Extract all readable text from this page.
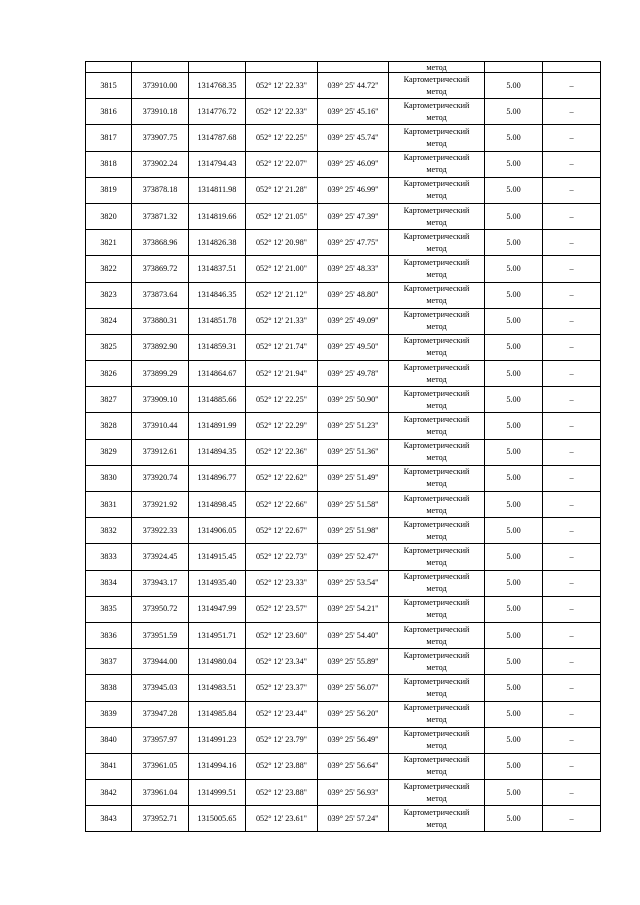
					метод		
3815	373910.00	1314768.35	052° 12' 22.33"	039° 25' 44.72"	Картометрический
метод	5.00	–
3816	373910.18	1314776.72	052° 12' 22.33"	039° 25' 45.16"	Картометрический
метод	5.00	–
3817	373907.75	1314787.68	052° 12' 22.25"	039° 25' 45.74"	Картометрический
метод	5.00	–
3818	373902.24	1314794.43	052° 12' 22.07"	039° 25' 46.09"	Картометрический
метод	5.00	–
3819	373878.18	1314811.98	052° 12' 21.28"	039° 25' 46.99"	Картометрический
метод	5.00	–
3820	373871.32	1314819.66	052° 12' 21.05"	039° 25' 47.39"	Картометрический
метод	5.00	–
3821	373868.96	1314826.38	052° 12' 20.98"	039° 25' 47.75"	Картометрический
метод	5.00	–
3822	373869.72	1314837.51	052° 12' 21.00"	039° 25' 48.33"	Картометрический
метод	5.00	–
3823	373873.64	1314846.35	052° 12' 21.12"	039° 25' 48.80"	Картометрический
метод	5.00	–
3824	373880.31	1314851.78	052° 12' 21.33"	039° 25' 49.09"	Картометрический
метод	5.00	–
3825	373892.90	1314859.31	052° 12' 21.74"	039° 25' 49.50"	Картометрический
метод	5.00	–
3826	373899.29	1314864.67	052° 12' 21.94"	039° 25' 49.78"	Картометрический
метод	5.00	–
3827	373909.10	1314885.66	052° 12' 22.25"	039° 25' 50.90"	Картометрический
метод	5.00	–
3828	373910.44	1314891.99	052° 12' 22.29"	039° 25' 51.23"	Картометрический
метод	5.00	–
3829	373912.61	1314894.35	052° 12' 22.36"	039° 25' 51.36"	Картометрический
метод	5.00	–
3830	373920.74	1314896.77	052° 12' 22.62"	039° 25' 51.49"	Картометрический
метод	5.00	–
3831	373921.92	1314898.45	052° 12' 22.66"	039° 25' 51.58"	Картометрический
метод	5.00	–
3832	373922.33	1314906.05	052° 12' 22.67"	039° 25' 51.98"	Картометрический
метод	5.00	–
3833	373924.45	1314915.45	052° 12' 22.73"	039° 25' 52.47"	Картометрический
метод	5.00	–
3834	373943.17	1314935.40	052° 12' 23.33"	039° 25' 53.54"	Картометрический
метод	5.00	–
3835	373950.72	1314947.99	052° 12' 23.57"	039° 25' 54.21"	Картометрический
метод	5.00	–
3836	373951.59	1314951.71	052° 12' 23.60"	039° 25' 54.40"	Картометрический
метод	5.00	–
3837	373944.00	1314980.04	052° 12' 23.34"	039° 25' 55.89"	Картометрический
метод	5.00	–
3838	373945.03	1314983.51	052° 12' 23.37"	039° 25' 56.07"	Картометрический
метод	5.00	–
3839	373947.28	1314985.84	052° 12' 23.44"	039° 25' 56.20"	Картометрический
метод	5.00	–
3840	373957.97	1314991.23	052° 12' 23.79"	039° 25' 56.49"	Картометрический
метод	5.00	–
3841	373961.05	1314994.16	052° 12' 23.88"	039° 25' 56.64"	Картометрический
метод	5.00	–
3842	373961.04	1314999.51	052° 12' 23.88"	039° 25' 56.93"	Картометрический
метод	5.00	–
3843	373952.71	1315005.65	052° 12' 23.61"	039° 25' 57.24"	Картометрический
метод	5.00	–
